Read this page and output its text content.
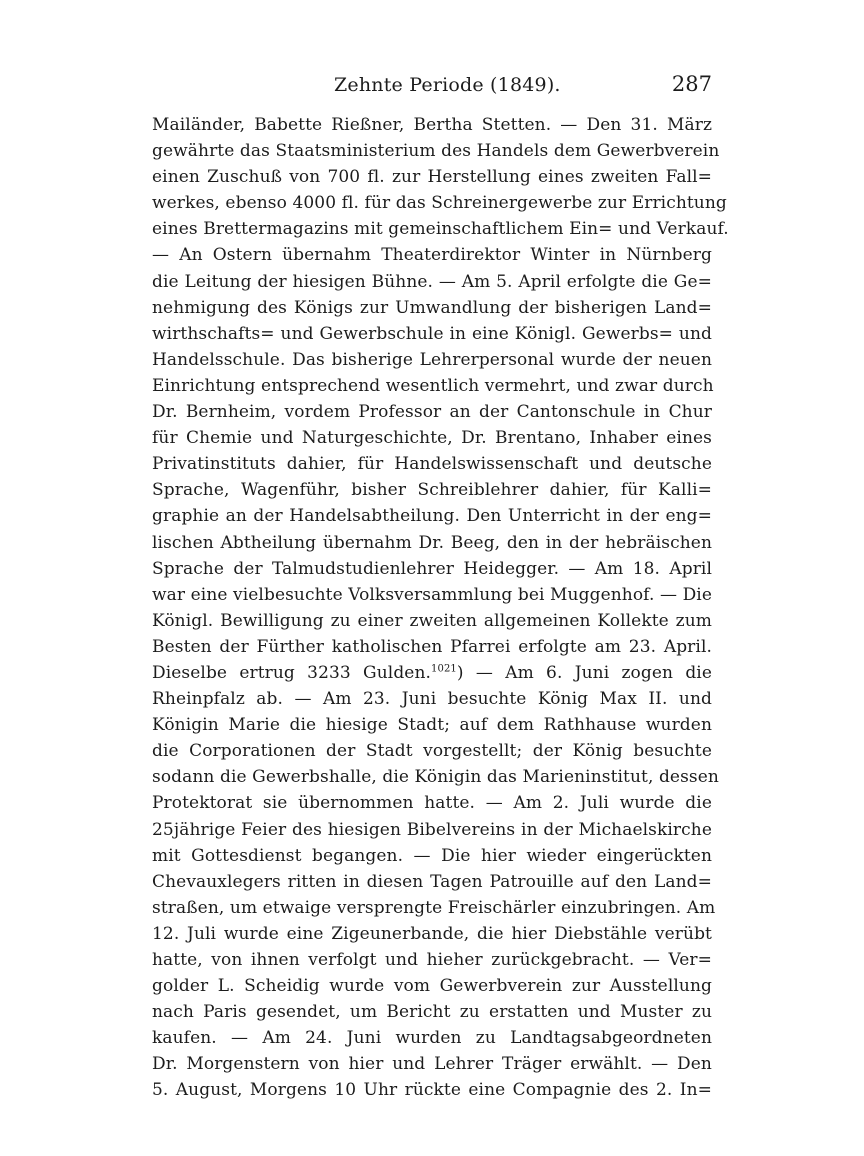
Zehnte Periode (1849).	287
Mailänder, Babette Rießner, Bertha Stetten. — Den 31. März
gewährte das Staatsministerium des Handels dem Gewerbverein
einen Zuschuß von 700 fl. zur Herstellung eines zweiten Fall=
werkes, ebenso 4000 fl. für das Schreinergewerbe zur Errichtung
eines Brettermagazins mit gemeinschaftlichem Ein= und Verkauf.
— An Ostern übernahm Theaterdirektor Winter in Nürnberg
die Leitung der hiesigen Bühne. — Am 5. April erfolgte die Ge=
nehmigung des Königs zur Umwandlung der bisherigen Land=
wirthschafts= und Gewerbschule in eine Königl. Gewerbs= und
Handelsschule. Das bisherige Lehrerpersonal wurde der neuen
Einrichtung entsprechend wesentlich vermehrt, und zwar durch
Dr. Bernheim, vordem Professor an der Cantonschule in Chur
für Chemie und Naturgeschichte, Dr. Brentano, Inhaber eines
Privatinstituts dahier, für Handelswissenschaft und deutsche
Sprache, Wagenführ, bisher Schreiblehrer dahier, für Kalli=
graphie an der Handelsabtheilung. Den Unterricht in der eng=
lischen Abtheilung übernahm Dr. Beeg, den in der hebräischen
Sprache der Talmudstudienlehrer Heidegger. — Am 18. April
war eine vielbesuchte Volksversammlung bei Muggenhof. — Die
Königl. Bewilligung zu einer zweiten allgemeinen Kollekte zum
Besten der Fürther katholischen Pfarrei erfolgte am 23. April.
Dieselbe ertrug 3233 Gulden.$^{1021}$) — Am 6. Juni zogen die
Rheinpfalz ab. — Am 23. Juni besuchte König Max II. und
Königin Marie die hiesige Stadt; auf dem Rathhause wurden
die Corporationen der Stadt vorgestellt; der König besuchte
sodann die Gewerbshalle, die Königin das Marieninstitut, dessen
Protektorat sie übernommen hatte. — Am 2. Juli wurde die
25jährige Feier des hiesigen Bibelvereins in der Michaelskirche
mit Gottesdienst begangen. — Die hier wieder eingerückten
Chevauxlegers ritten in diesen Tagen Patrouille auf den Land=
straßen, um etwaige versprengte Freischärler einzubringen. Am
12. Juli wurde eine Zigeunerbande, die hier Diebstähle verübt
hatte, von ihnen verfolgt und hieher zurückgebracht. — Ver=
golder L. Scheidig wurde vom Gewerbverein zur Ausstellung
nach Paris gesendet, um Bericht zu erstatten und Muster zu
kaufen. — Am 24. Juni wurden zu Landtagsabgeordneten
Dr. Morgenstern von hier und Lehrer Träger erwählt. — Den
5. August, Morgens 10 Uhr rückte eine Compagnie des 2. In=
